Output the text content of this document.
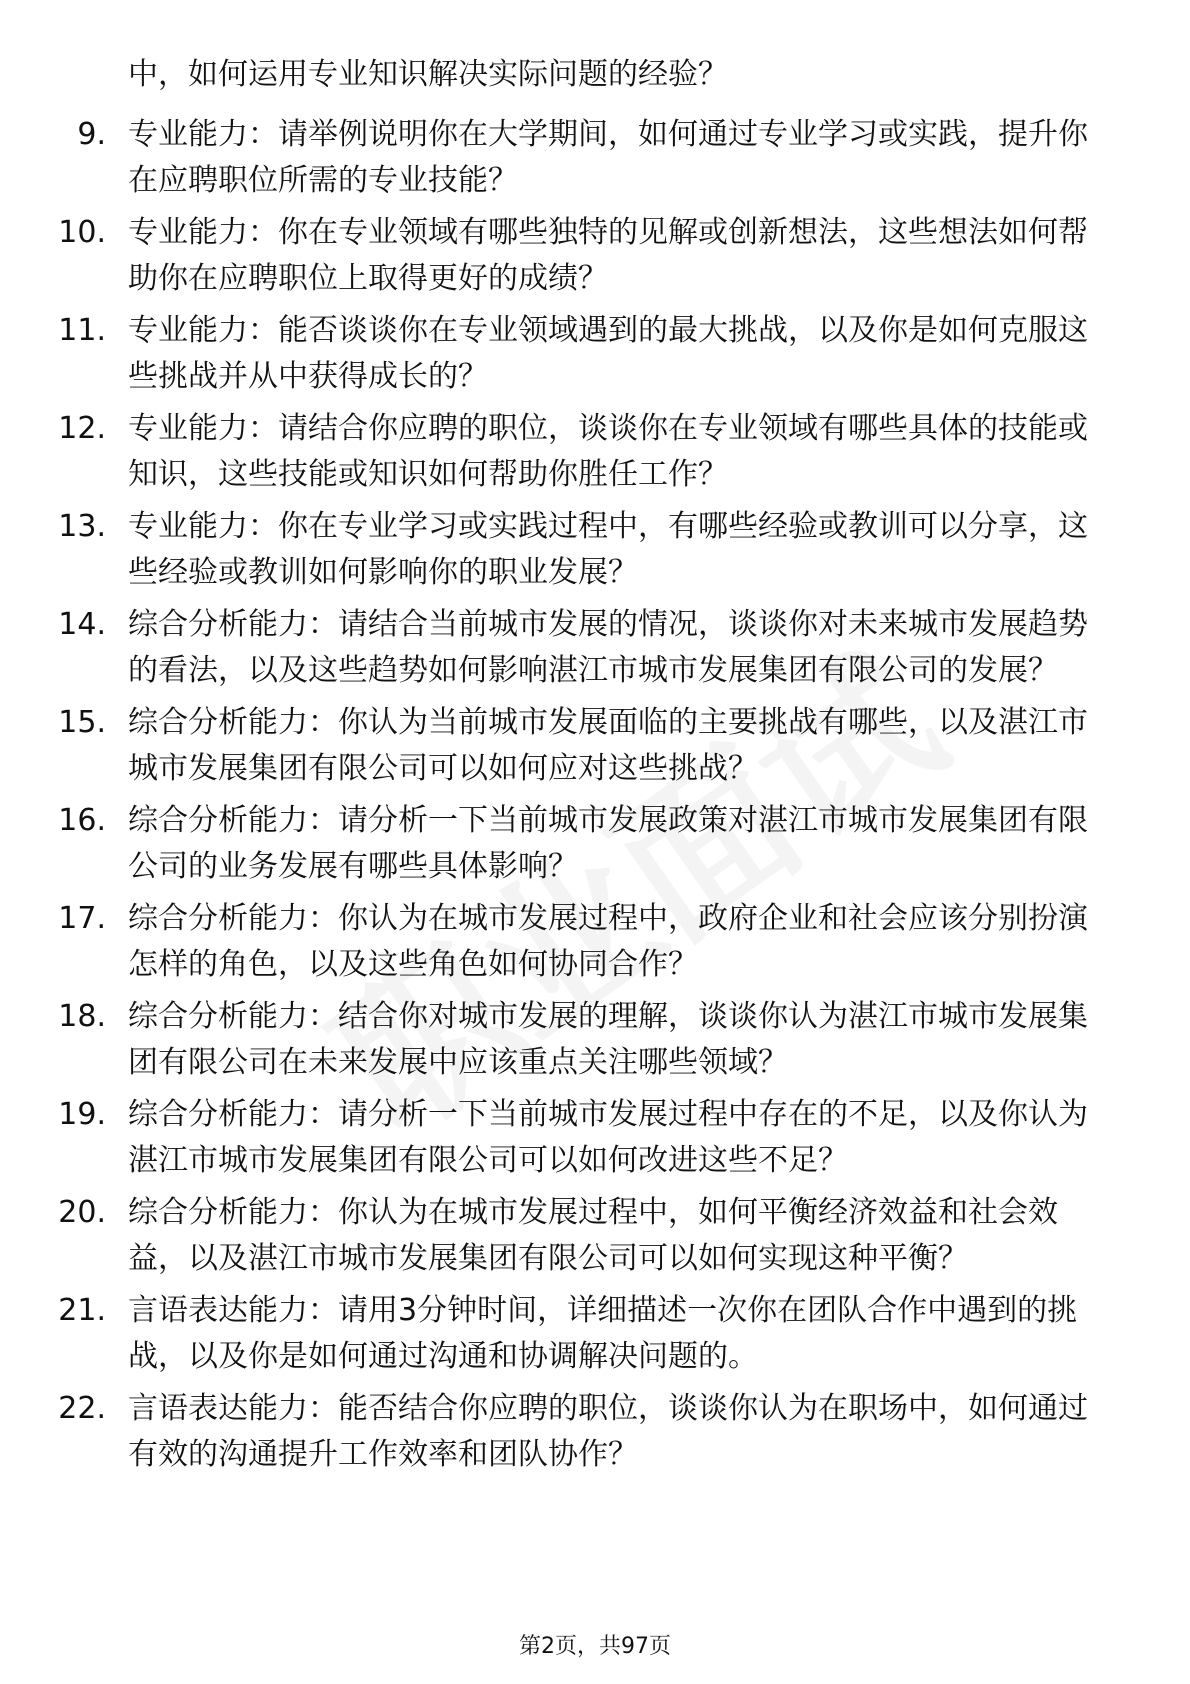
中，如何运用专业知识解决实际问题的经验？
9. 专业能力：请举例说明你在大学期间，如何通过专业学习或实践，提升你在应聘职位所需的专业技能？
10. 专业能力：你在专业领域有哪些独特的见解或创新想法，这些想法如何帮助你在应聘职位上取得更好的成绩？
11. 专业能力：能否谈谈你在专业领域遇到的最大挑战，以及你是如何克服这些挑战并从中获得成长的？
12. 专业能力：请结合你应聘的职位，谈谈你在专业领域有哪些具体的技能或知识，这些技能或知识如何帮助你胜任工作？
13. 专业能力：你在专业学习或实践过程中，有哪些经验或教训可以分享，这些经验或教训如何影响你的职业发展？
14. 综合分析能力：请结合当前城市发展的情况，谈谈你对未来城市发展趋势的看法，以及这些趋势如何影响湛江市城市发展集团有限公司的发展？
15. 综合分析能力：你认为当前城市发展面临的主要挑战有哪些，以及湛江市城市发展集团有限公司可以如何应对这些挑战？
16. 综合分析能力：请分析一下当前城市发展政策对湛江市城市发展集团有限公司的业务发展有哪些具体影响？
17. 综合分析能力：你认为在城市发展过程中，政府企业和社会应该分别扮演怎样的角色，以及这些角色如何协同合作？
18. 综合分析能力：结合你对城市发展的理解，谈谈你认为湛江市城市发展集团有限公司在未来发展中应该重点关注哪些领域？
19. 综合分析能力：请分析一下当前城市发展过程中存在的不足，以及你认为湛江市城市发展集团有限公司可以如何改进这些不足？
20. 综合分析能力：你认为在城市发展过程中，如何平衡经济效益和社会效益，以及湛江市城市发展集团有限公司可以如何实现这种平衡？
21. 言语表达能力：请用3分钟时间，详细描述一次你在团队合作中遇到的挑战，以及你是如何通过沟通和协调解决问题的。
22. 言语表达能力：能否结合你应聘的职位，谈谈你认为在职场中，如何通过有效的沟通提升工作效率和团队协作？
第2页，共97页
